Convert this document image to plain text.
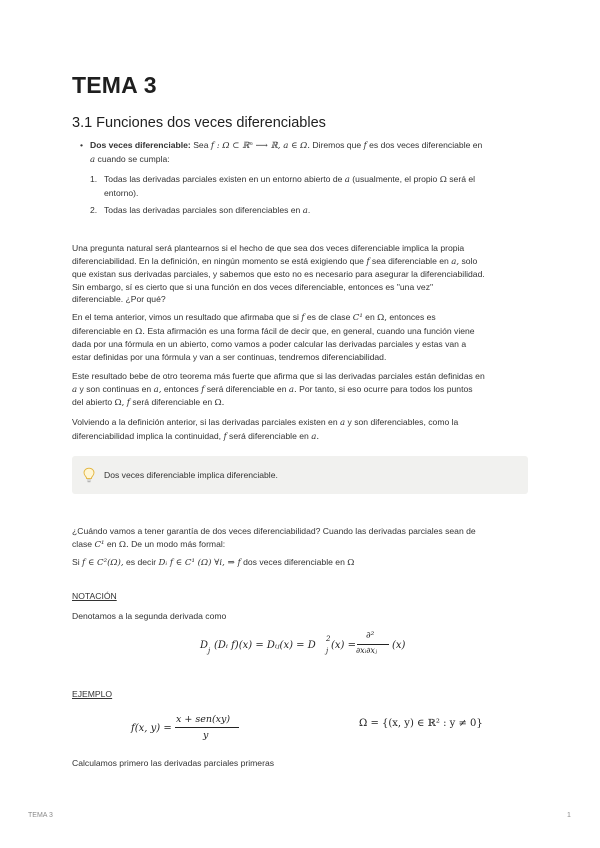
TEMA 3
3.1 Funciones dos veces diferenciables
• Dos veces diferenciable: Sea f : Ω ⊂ ℝⁿ ⟶ ℝ, a ∈ Ω. Diremos que f es dos veces diferenciable en
a cuando se cumpla:
1. Todas las derivadas parciales existen en un entorno abierto de a (usualmente, el propio Ω será el
entorno).
2. Todas las derivadas parciales son diferenciables en a.
Una pregunta natural será plantearnos si el hecho de que sea dos veces diferenciable implica la propia
diferenciabilidad. En la definición, en ningún momento se está exigiendo que f sea diferenciable en a, solo
que existan sus derivadas parciales, y sabemos que esto no es necesario para asegurar la diferenciabilidad.
Sin embargo, sí es cierto que si una función en dos veces diferenciable, entonces es "una vez"
diferenciable. ¿Por qué?
En el tema anterior, vimos un resultado que afirmaba que si f es de clase C¹ en Ω, entonces es
diferenciable en Ω. Esta afirmación es una forma fácil de decir que, en general, cuando una función viene
dada por una fórmula en un abierto, como vamos a poder calcular las derivadas parciales y estas van a
estar definidas por una fórmula y van a ser continuas, tendremos diferenciabilidad.
Este resultado bebe de otro teorema más fuerte que afirma que si las derivadas parciales están definidas en
a y son continuas en a, entonces f será diferenciable en a. Por tanto, si eso ocurre para todos los puntos
del abierto Ω, f será diferenciable en Ω.
Volviendo a la definición anterior, si las derivadas parciales existen en a y son diferenciables, como la
diferenciabilidad implica la continuidad, f será diferenciable en a.
Dos veces diferenciable implica diferenciable.
¿Cuándo vamos a tener garantía de dos veces diferenciabilidad? Cuando las derivadas parciales sean de
clase C¹ en Ω. De un modo más formal:
Si f ∈ C²(Ω), es decir Dᵢ f ∈ C¹ (Ω) ∀i, ⇒ f dos veces diferenciable en Ω
NOTACIÓN
Denotamos a la segunda derivada como
D j (Dᵢ f)(x) = Dᵢⱼ(x) = D
2
j (x) =
∂²
∂xᵢ∂xⱼ (x)
EJEMPLO
f(x, y) =
x + sen(xy)
y
Ω = {(x, y) ∈ ℝ² : y ≠ 0}
Calculamos primero las derivadas parciales primeras
TEMA 3	1
